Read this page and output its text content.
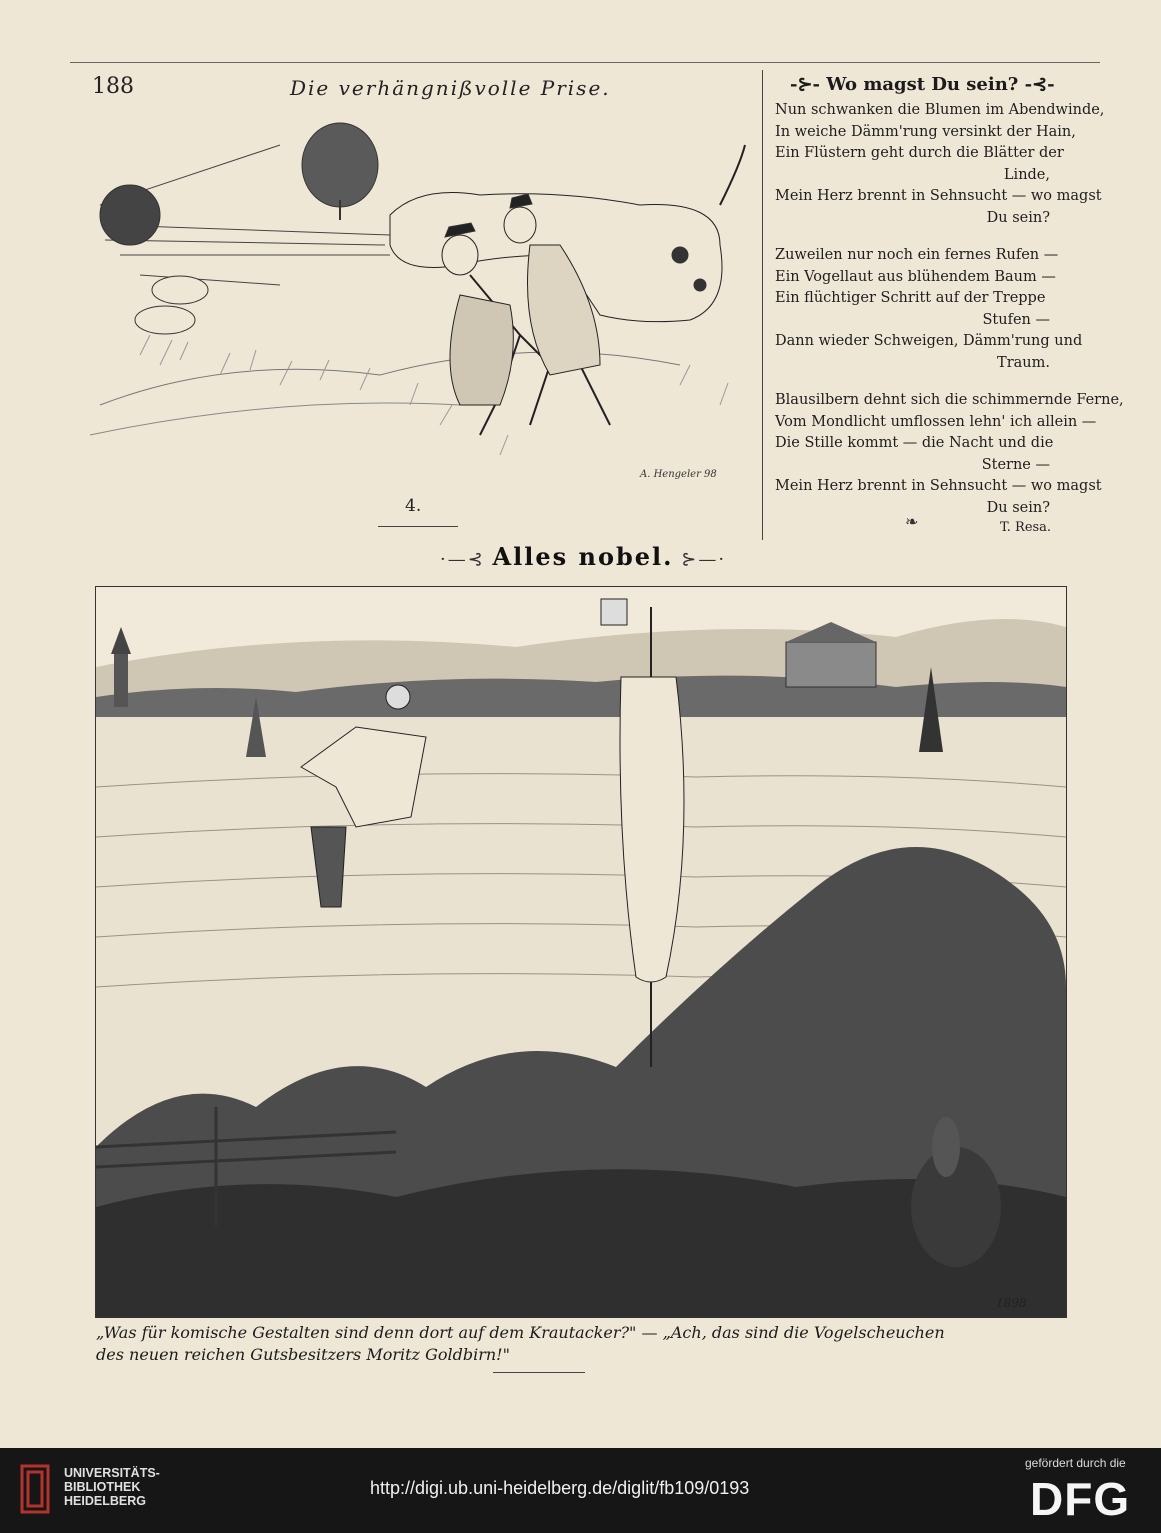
188	Die verhängnißvolle Prise.
A. Hengeler 98
4.
-⊱- Wo magst Du sein? -⊰-
Nun schwanken die Blumen im Abendwinde,
In weiche Dämm'rung versinkt der Hain,
Ein Flüstern geht durch die Blätter der
Linde,
Mein Herz brennt in Sehnsucht — wo magst
Du sein?
Zuweilen nur noch ein fernes Rufen —
Ein Vogellaut aus blühendem Baum —
Ein flüchtiger Schritt auf der Treppe
Stufen —
Dann wieder Schweigen, Dämm'rung und
Traum.
Blausilbern dehnt sich die schimmernde Ferne,
Vom Mondlicht umflossen lehn' ich allein —
Die Stille kommt — die Nacht und die
Sterne —
Mein Herz brennt in Sehnsucht — wo magst
Du sein?
❧	T. Resa.
·—⊰ Alles nobel. ⊱—·
1898
„Was für komische Gestalten sind denn dort auf dem Krautacker?" — „Ach, das sind die Vogelscheuchen
des neuen reichen Gutsbesitzers Moritz Goldbirn!"
UNIVERSITÄTS-
BIBLIOTHEK
HEIDELBERG
http://digi.ub.uni-heidelberg.de/diglit/fb109/0193
gefördert durch die
DFG
